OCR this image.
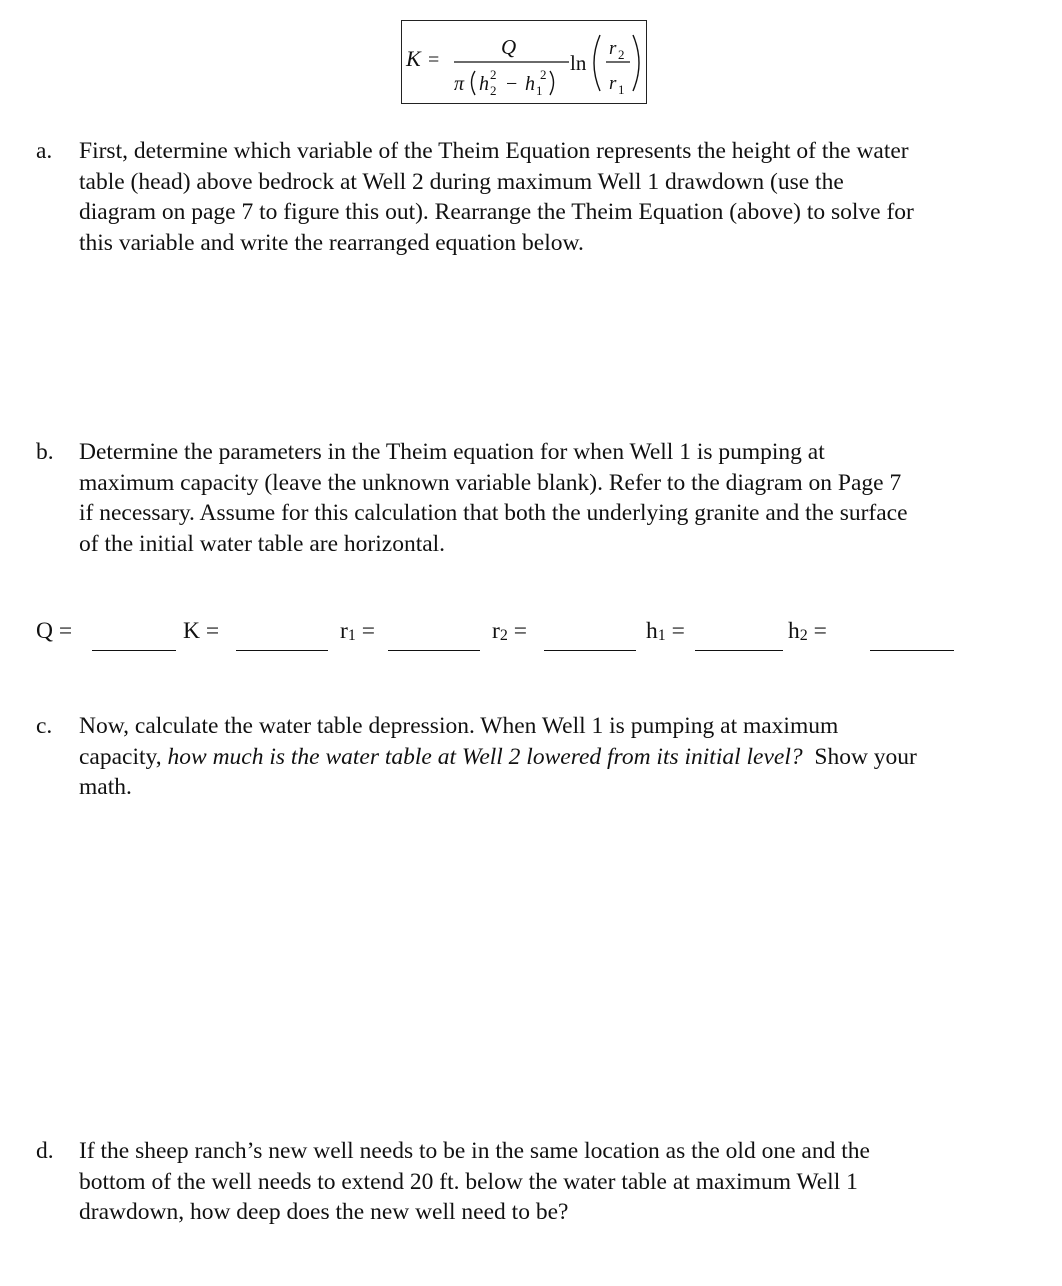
K =
Q
π h 2
2 − h 1
2 ln
r 2
r 1
a. First, determine which variable of the Theim Equation represents the height of the water
table (head) above bedrock at Well 2 during maximum Well 1 drawdown (use the
diagram on page 7 to figure this out). Rearrange the Theim Equation (above) to solve for
this variable and write the rearranged equation below.
b. Determine the parameters in the Theim equation for when Well 1 is pumping at
maximum capacity (leave the unknown variable blank). Refer to the diagram on Page 7
if necessary. Assume for this calculation that both the underlying granite and the surface
of the initial water table are horizontal.
Q =	K =	$r_1$ =	$r_2$ =	$h_1$ =	$h_2$ =
c. Now, calculate the water table depression. When Well 1 is pumping at maximum
capacity, how much is the water table at Well 2 lowered from its initial level?  Show your
math.
d. If the sheep ranch’s new well needs to be in the same location as the old one and the
bottom of the well needs to extend 20 ft. below the water table at maximum Well 1
drawdown, how deep does the new well need to be?
